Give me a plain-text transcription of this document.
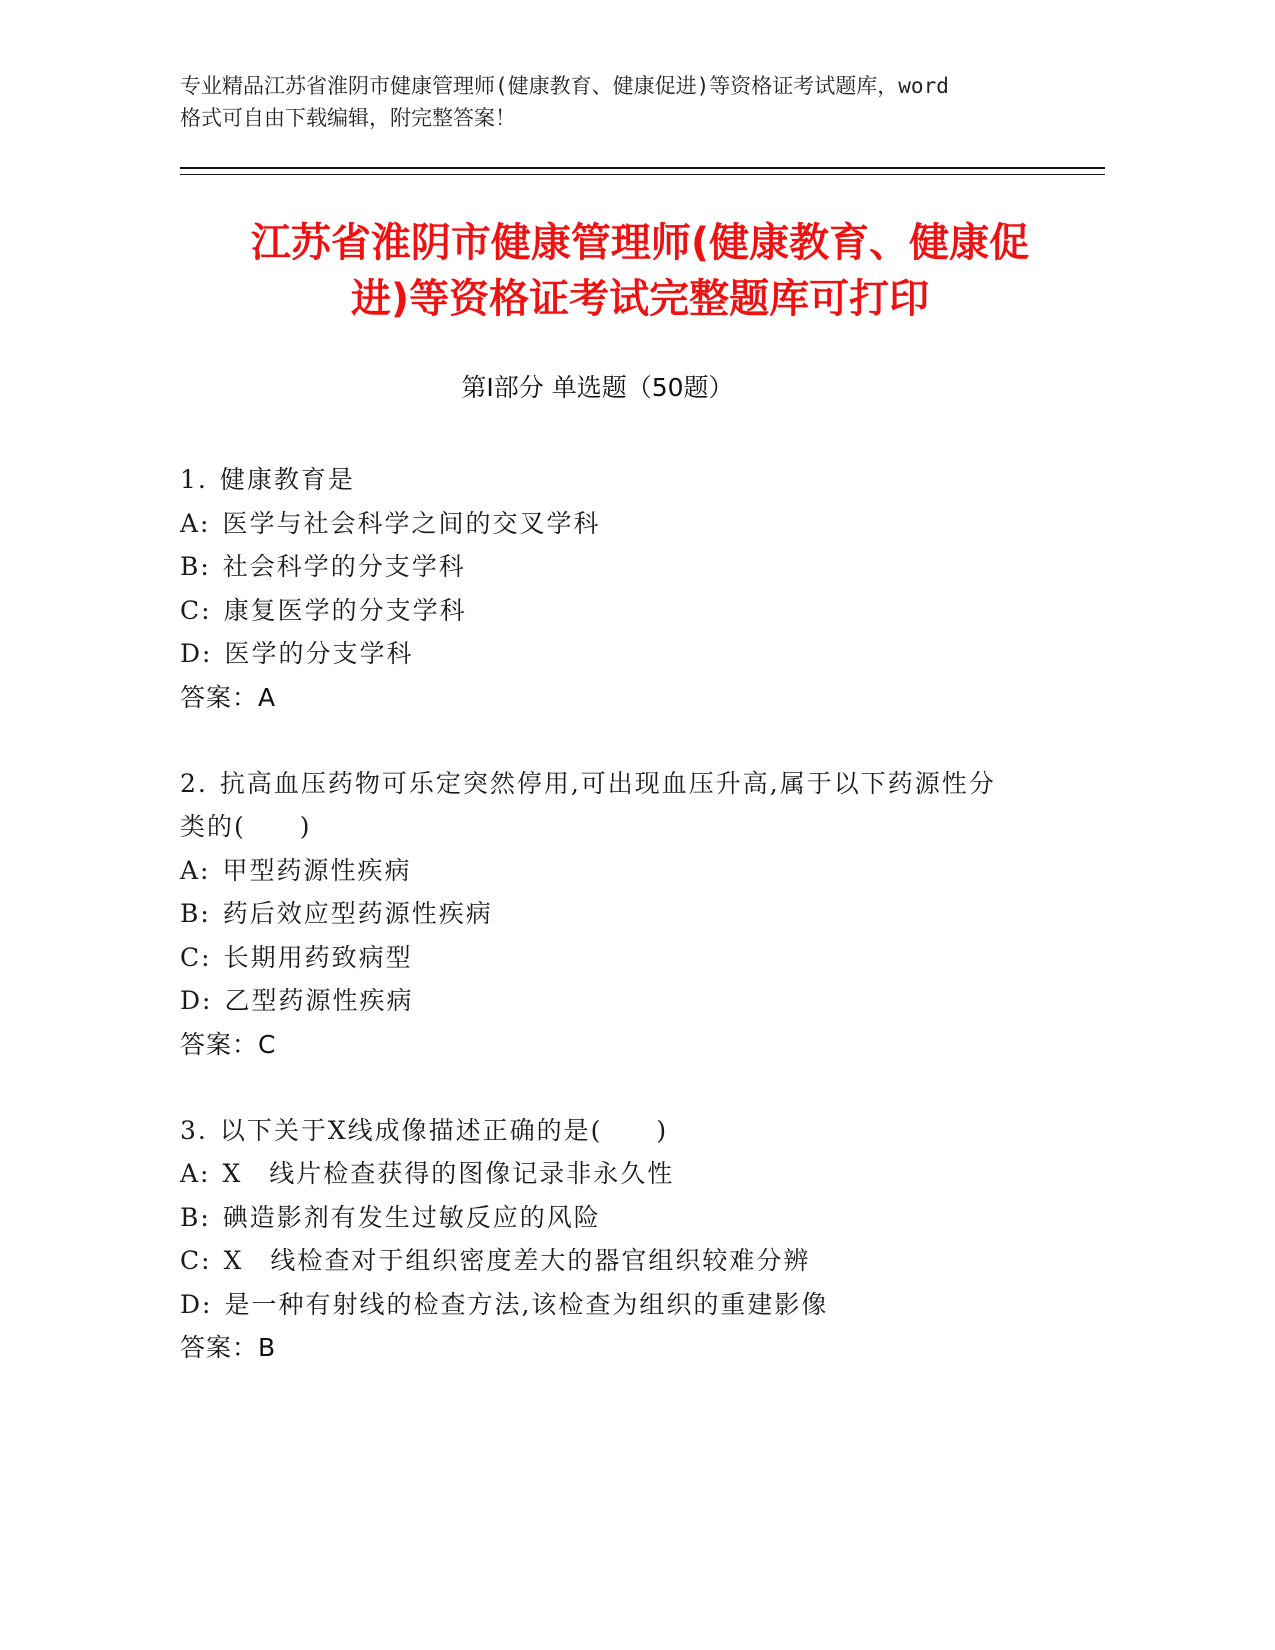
专业精品江苏省淮阴市健康管理师(健康教育、健康促进)等资格证考试题库，word
格式可自由下载编辑，附完整答案！
江苏省淮阴市健康管理师(健康教育、健康促
进)等资格证考试完整题库可打印
第Ⅰ部分 单选题（50题）

1. 健康教育是

A: 医学与社会科学之间的交叉学科

B: 社会科学的分支学科

C: 康复医学的分支学科

D: 医学的分支学科

答案：A

2. 抗高血压药物可乐定突然停用,可出现血压升高,属于以下药源性分

类的(　　)

A: 甲型药源性疾病

B: 药后效应型药源性疾病

C: 长期用药致病型

D: 乙型药源性疾病

答案：C

3. 以下关于X线成像描述正确的是(　　)

A: X　线片检查获得的图像记录非永久性

B: 碘造影剂有发生过敏反应的风险

C: X　线检查对于组织密度差大的器官组织较难分辨

D: 是一种有射线的检查方法,该检查为组织的重建影像

答案：B
